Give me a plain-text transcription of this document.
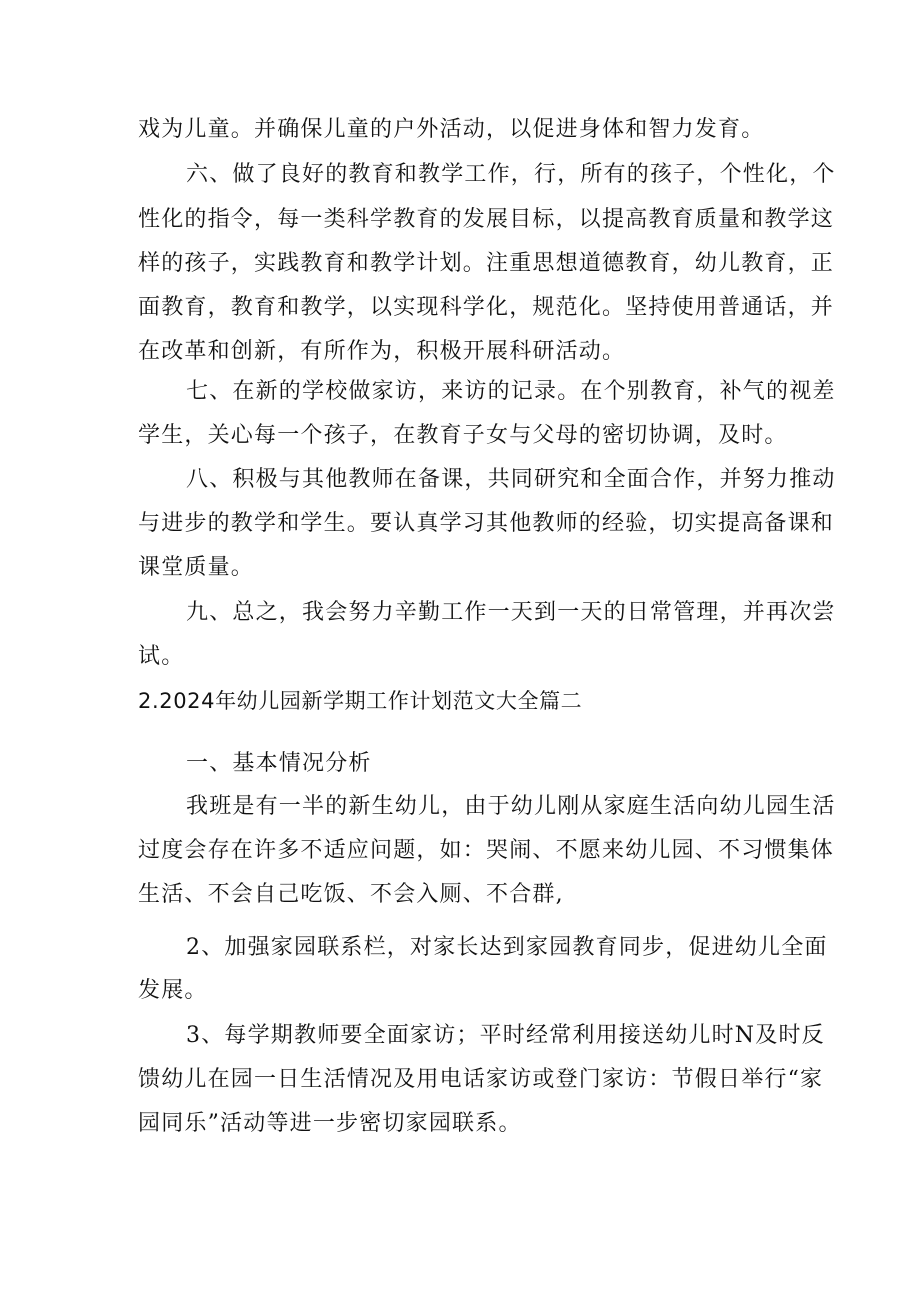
戏为儿童。并确保儿童的户外活动，以促进身体和智力发育。
六、做了良好的教育和教学工作，行，所有的孩子，个性化，个
性化的指令，每一类科学教育的发展目标，以提高教育质量和教学这
样的孩子，实践教育和教学计划。注重思想道德教育，幼儿教育，正
面教育，教育和教学，以实现科学化，规范化。坚持使用普通话，并
在改革和创新，有所作为，积极开展科研活动。
七、在新的学校做家访，来访的记录。在个别教育，补气的视差
学生，关心每一个孩子，在教育子女与父母的密切协调，及时。
八、积极与其他教师在备课，共同研究和全面合作，并努力推动
与进步的教学和学生。要认真学习其他教师的经验，切实提高备课和
课堂质量。
九、总之，我会努力辛勤工作一天到一天的日常管理，并再次尝
试。
2.2024年幼儿园新学期工作计划范文大全篇二
一、基本情况分析
我班是有一半的新生幼儿，由于幼儿刚从家庭生活向幼儿园生活
过度会存在许多不适应问题，如：哭闹、不愿来幼儿园、不习惯集体
生活、不会自己吃饭、不会入厕、不合群,
2、加强家园联系栏，对家长达到家园教育同步，促进幼儿全面
发展。
3、每学期教师要全面家访；平时经常利用接送幼儿时N及时反
馈幼儿在园一日生活情况及用电话家访或登门家访：节假日举行“家
园同乐”活动等进一步密切家园联系。
